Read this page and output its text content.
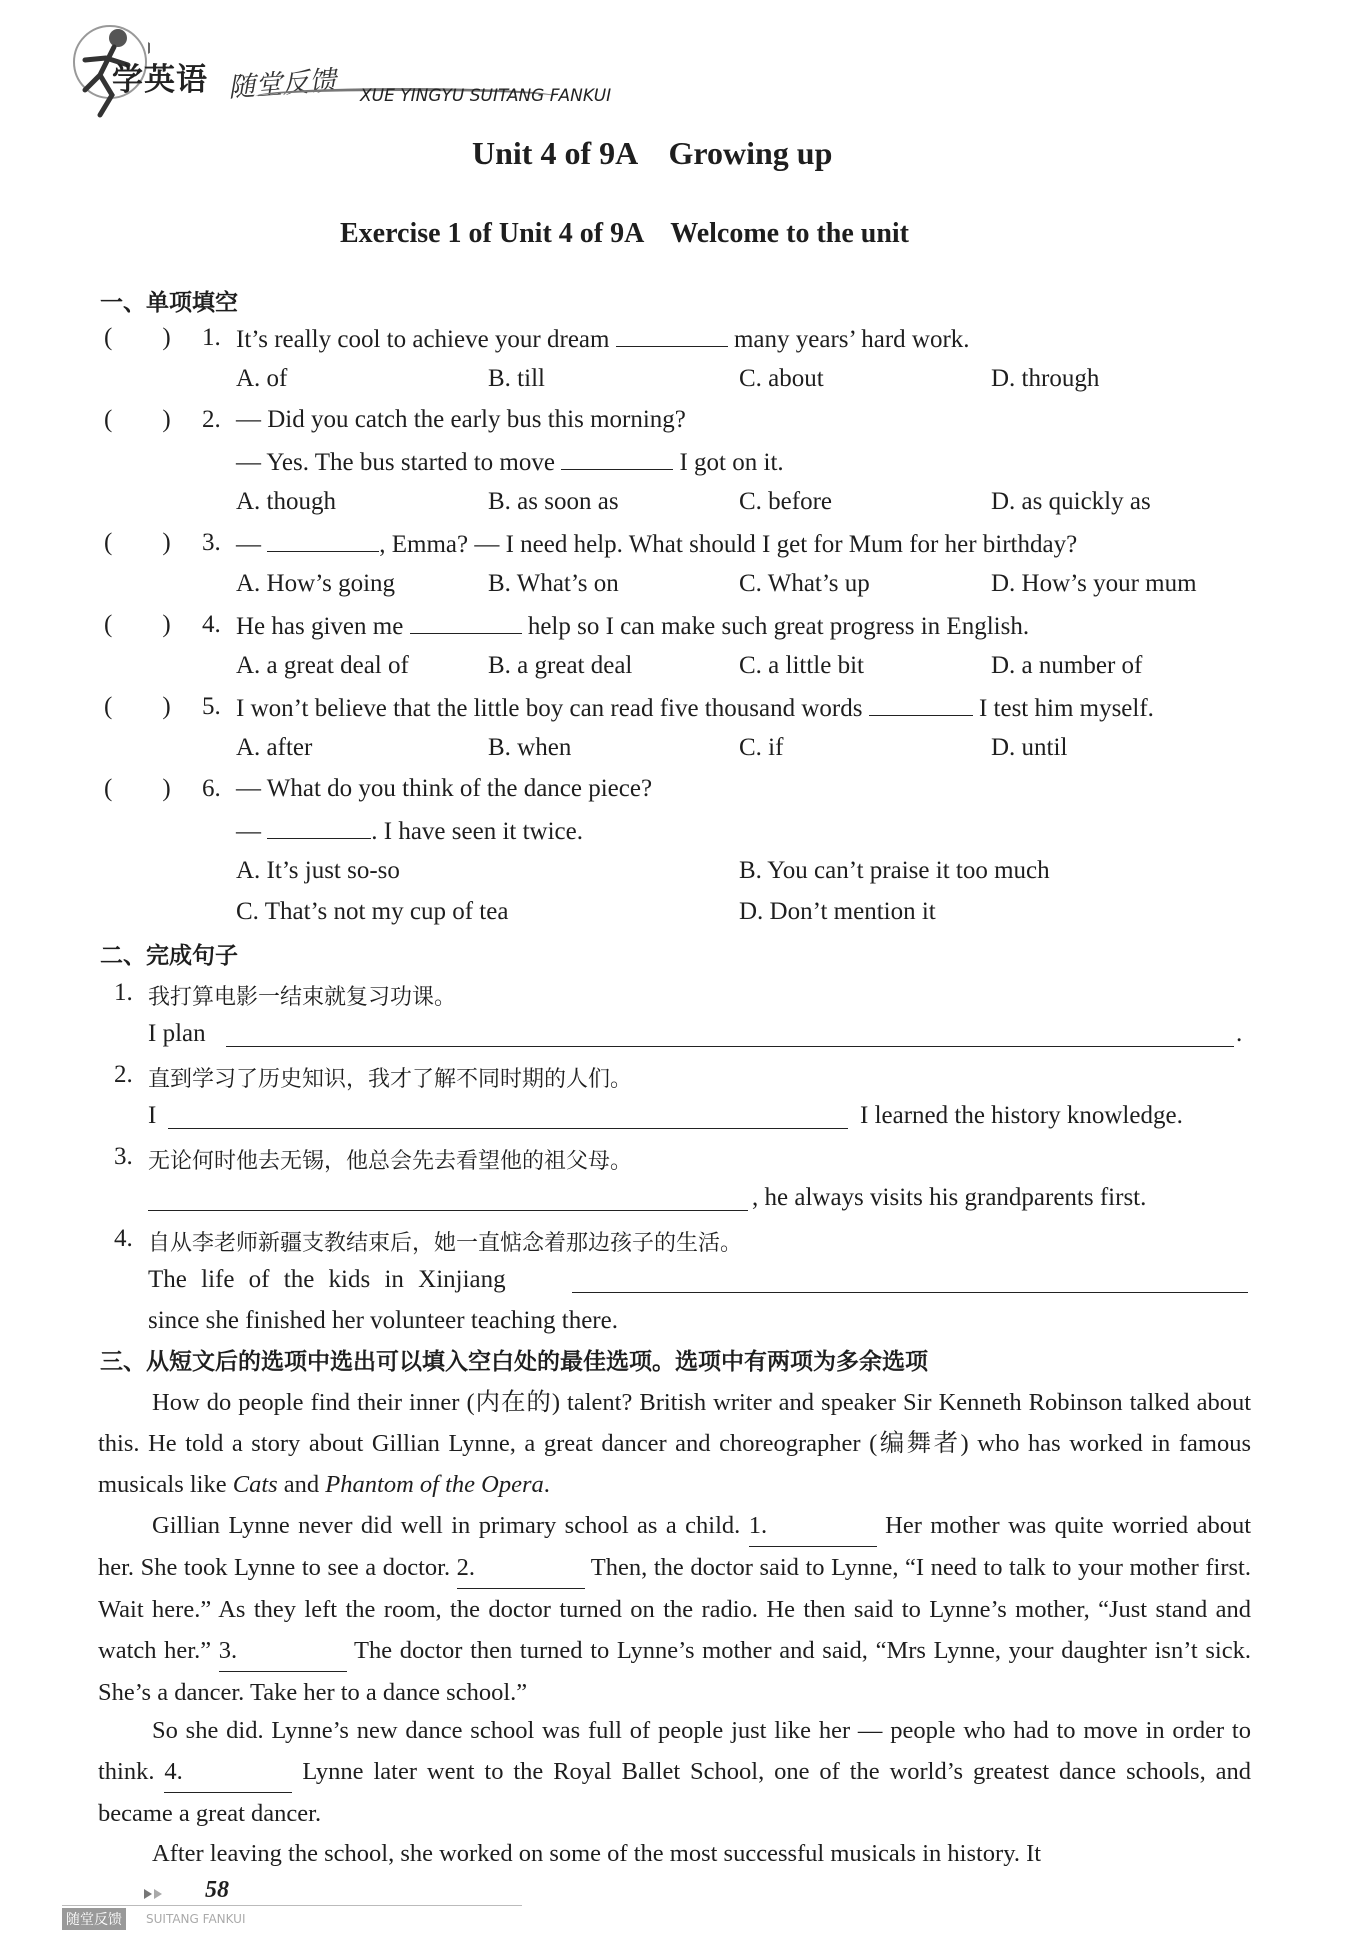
学英语 随堂反馈 XUE YINGYU SUITANG FANKUI
Unit 4 of 9A    Growing up
Exercise 1 of Unit 4 of 9A    Welcome to the unit
一、单项填空
(        ) 1. It’s really cool to achieve your dream	many years’ hard work.
A. of	B. till	C. about	D. through
(        ) 2. — Did you catch the early bus this morning?
— Yes. The bus started to move	I got on it.
A. though	B. as soon as	C. before	D. as quickly as
(        ) 3. —	, Emma? — I need help. What should I get for Mum for her birthday?
A. How’s going	B. What’s on	C. What’s up	D. How’s your mum
(        ) 4. He has given me	help so I can make such great progress in English.
A. a great deal of	B. a great deal	C. a little bit	D. a number of
(        ) 5. I won’t believe that the little boy can read five thousand words	I test him myself.
A. after	B. when	C. if	D. until
(        ) 6. — What do you think of the dance piece?
—	. I have seen it twice.
A. It’s just so-so	B. You can’t praise it too much
C. That’s not my cup of tea	D. Don’t mention it
二、完成句子
1. 我打算电影一结束就复习功课。
I plan	.
2. 直到学习了历史知识，我才了解不同时期的人们。
I	I learned the history knowledge.
3. 无论何时他去无锡，他总会先去看望他的祖父母。
, he always visits his grandparents first.
4. 自从李老师新疆支教结束后，她一直惦念着那边孩子的生活。
The life of the kids in Xinjiang
since she finished her volunteer teaching there.
三、从短文后的选项中选出可以填入空白处的最佳选项。选项中有两项为多余选项
How do people find their inner (内在的) talent? British writer and speaker Sir Kenneth Robinson talked about this. He told a story about Gillian Lynne, a great dancer and choreographer (编舞者) who has worked in famous musicals like Cats and Phantom of the Opera.
Gillian Lynne never did well in primary school as a child. 1.	Her mother was quite worried about her. She took Lynne to see a doctor. 2.	Then, the doctor said to Lynne, “I need to talk to your mother first. Wait here.” As they left the room, the doctor turned on the radio. He then said to Lynne’s mother, “Just stand and watch her.” 3.	The doctor then turned to Lynne’s mother and said, “Mrs Lynne, your daughter isn’t sick. She’s a dancer. Take her to a dance school.”
So she did. Lynne’s new dance school was full of people just like her — people who had to move in order to think. 4.	Lynne later went to the Royal Ballet School, one of the world’s greatest dance schools, and became a great dancer.
After leaving the school, she worked on some of the most successful musicals in history. It
58
随堂反馈	SUITANG FANKUI
